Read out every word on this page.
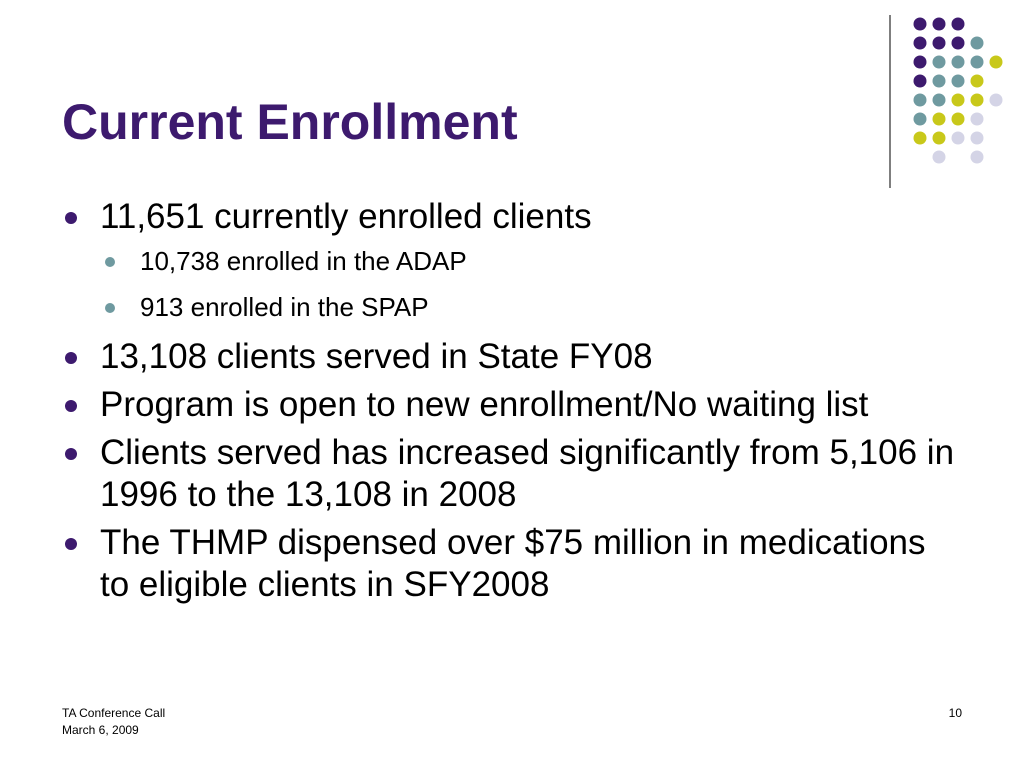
Current Enrollment
11,651 currently enrolled clients
10,738 enrolled in the ADAP
913 enrolled in the SPAP
13,108 clients served in State FY08
Program is open to new enrollment/No waiting list
Clients served has increased significantly from 5,106 in 1996 to the 13,108 in 2008
The THMP dispensed over $75 million in medications to eligible clients in SFY2008
TA Conference Call
March 6, 2009
10
